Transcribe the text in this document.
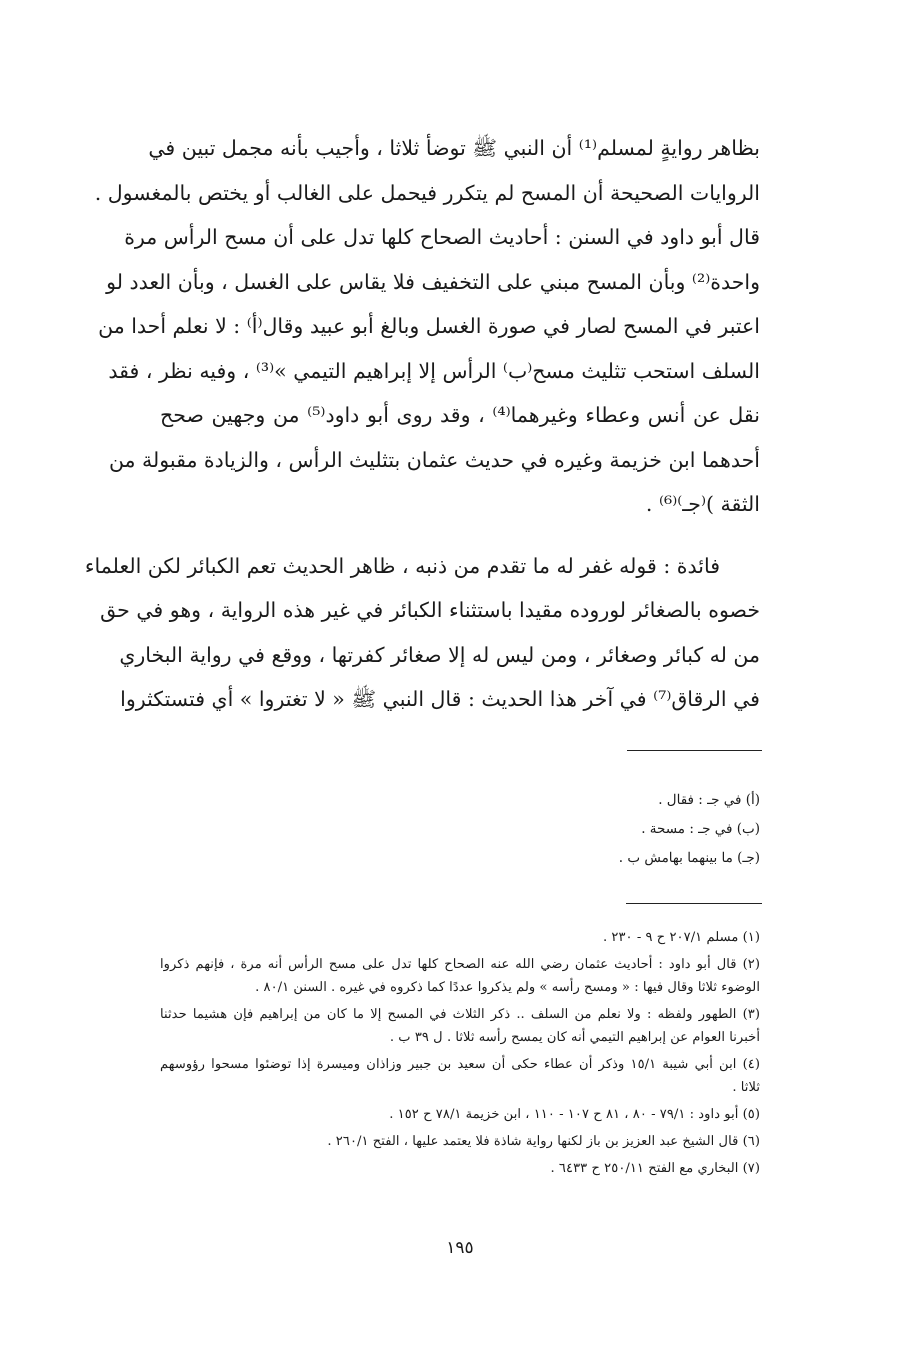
بظاهر روايةٍ لمسلم⁽¹⁾ أن النبي ﷺ توضأ ثلاثا ، وأجيب بأنه مجمل تبين في
الروايات الصحيحة أن المسح لم يتكرر فيحمل على الغالب أو يختص بالمغسول .
قال أبو داود في السنن : أحاديث الصحاح كلها تدل على أن مسح الرأس مرة
واحدة⁽²⁾ وبأن المسح مبني على التخفيف فلا يقاس على الغسل ، وبأن العدد لو
اعتبر في المسح لصار في صورة الغسل وبالغ أبو عبيد وقال⁽أ⁾ : لا نعلم أحدا من
السلف استحب تثليث مسح⁽ب⁾ الرأس إلا إبراهيم التيمي »⁽³⁾ ، وفيه نظر ، فقد
نقل عن أنس وعطاء وغيرهما⁽⁴⁾ ، وقد روى أبو داود⁽⁵⁾ من وجهين صحح
أحدهما ابن خزيمة وغيره في حديث عثمان بتثليث الرأس ، والزيادة مقبولة من
الثقة )⁽جـ⁾⁽⁶⁾ .
فائدة : قوله غفر له ما تقدم من ذنبه ، ظاهر الحديث تعم الكبائر لكن العلماء
خصوه بالصغائر لوروده مقيدا باستثناء الكبائر في غير هذه الرواية ، وهو في حق
من له كبائر وصغائر ، ومن ليس له إلا صغائر كفرتها ، ووقع في رواية البخاري
في الرقاق⁽⁷⁾ في آخر هذا الحديث : قال النبي ﷺ « لا تغتروا » أي فتستكثروا
(أ) في جـ : فقال .
(ب) في جـ : مسحة .
(جـ) ما بينهما بهامش ب .
(١) مسلم ٢٠٧/١ ح ٩ - ٢٣٠ .
(٢) قال أبو داود : أحاديث عثمان رضي الله عنه الصحاح كلها تدل على مسح الرأس أنه مرة ، فإنهم ذكروا
الوضوء ثلاثا وقال فيها : « ومسح رأسه » ولم يذكروا عددًا كما ذكروه في غيره . السنن ٨٠/١ .
(٣) الطهور ولفظه : ولا نعلم من السلف .. ذكر الثلاث في المسح إلا ما كان من إبراهيم فإن هشيما حدثنا
أخبرنا العوام عن إبراهيم التيمي أنه كان يمسح رأسه ثلاثا . ل ٣٩ ب .
(٤) ابن أبي شيبة ١٥/١ وذكر أن عطاء حكى أن سعيد بن جبير وزاذان وميسرة إذا توضئوا مسحوا رؤوسهم
ثلاثا .
(٥) أبو داود : ٧٩/١ - ٨٠ ، ٨١ ح ١٠٧ - ١١٠ ، ابن خزيمة ٧٨/١ ح ١٥٢ .
(٦) قال الشيخ عبد العزيز بن باز لكنها رواية شاذة فلا يعتمد عليها ، الفتح ٢٦٠/١ .
(٧) البخاري مع الفتح ٢٥٠/١١ ح ٦٤٣٣ .
١٩٥
